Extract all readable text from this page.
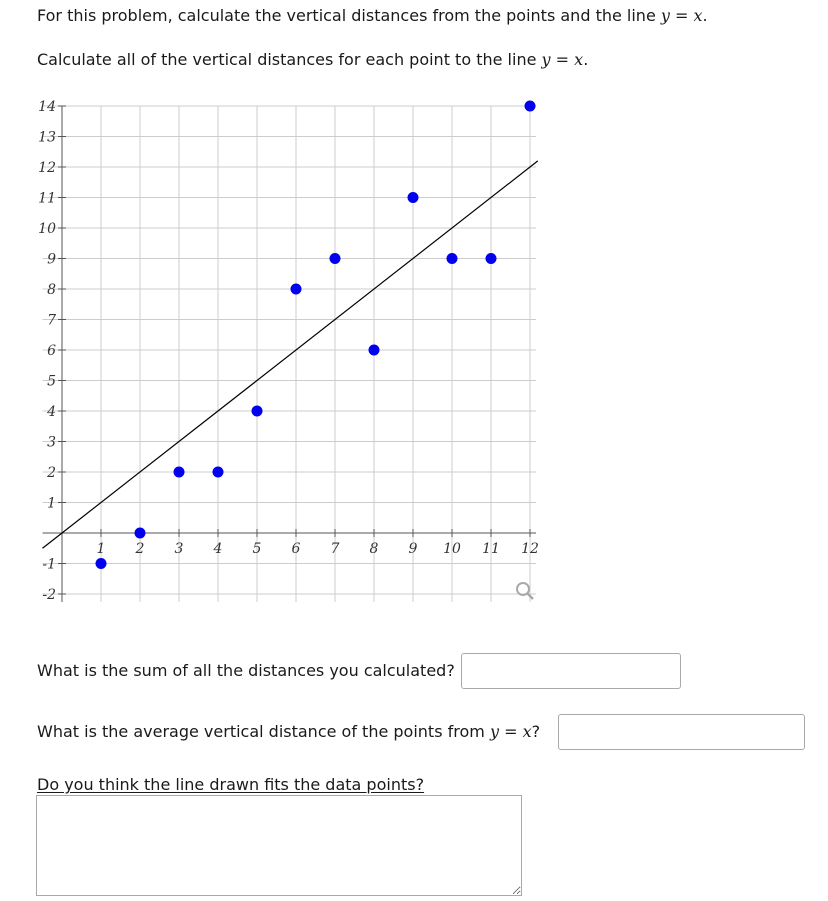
For this problem, calculate the vertical distances from the points and the line y = x.
Calculate all of the vertical distances for each point to the line y = x.
1 2 3 4 5 6 7 8 9 10 11 12
-2
-1
1
2
3
4
5
6
7
8
9
10
11
12
13
14
What is the sum of all the distances you calculated?
What is the average vertical distance of the points from y = x?
Do you think the line drawn fits the data points?
